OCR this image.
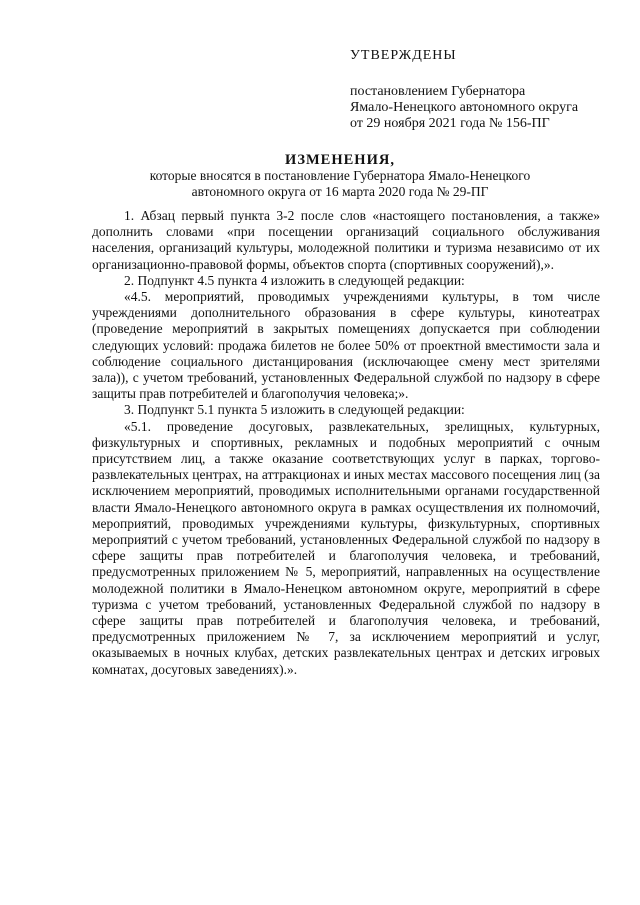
УТВЕРЖДЕНЫ
постановлением Губернатора
Ямало-Ненецкого автономного округа
от 29 ноября 2021 года № 156-ПГ
ИЗМЕНЕНИЯ,
которые вносятся в постановление Губернатора Ямало-Ненецкого
автономного округа от 16 марта 2020 года № 29-ПГ

1. Абзац первый пункта 3-2 после слов «настоящего постановления, а также» дополнить словами «при посещении организаций социального обслуживания населения, организаций культуры, молодежной политики и туризма независимо от их организационно-правовой формы, объектов спорта (спортивных сооружений),».

2. Подпункт 4.5 пункта 4 изложить в следующей редакции:

«4.5. мероприятий, проводимых учреждениями культуры, в том числе учреждениями дополнительного образования в сфере культуры, кинотеатрах (проведение мероприятий в закрытых помещениях допускается при соблюдении следующих условий: продажа билетов не более 50% от проектной вместимости зала и соблюдение социального дистанцирования (исключающее смену мест зрителями зала)), с учетом требований, установленных Федеральной службой по надзору в сфере защиты прав потребителей и благополучия человека;».

3. Подпункт 5.1 пункта 5 изложить в следующей редакции:

«5.1. проведение досуговых, развлекательных, зрелищных, культурных, физкультурных и спортивных, рекламных и подобных мероприятий с очным присутствием лиц, а также оказание соответствующих услуг в парках, торгово-развлекательных центрах, на аттракционах и иных местах массового посещения лиц (за исключением мероприятий, проводимых исполнительными органами государственной власти Ямало-Ненецкого автономного округа в рамках осуществления их полномочий, мероприятий, проводимых учреждениями культуры, физкультурных, спортивных мероприятий с учетом требований, установленных Федеральной службой по надзору в сфере защиты прав потребителей и благополучия человека, и требований, предусмотренных приложением № 5, мероприятий, направленных на осуществление молодежной политики в Ямало-Ненецком автономном округе, мероприятий в сфере туризма с учетом требований, установленных Федеральной службой по надзору в сфере защиты прав потребителей и благополучия человека, и требований, предусмотренных приложением № 7, за исключением мероприятий и услуг, оказываемых в ночных клубах, детских развлекательных центрах и детских игровых комнатах, досуговых заведениях).».
